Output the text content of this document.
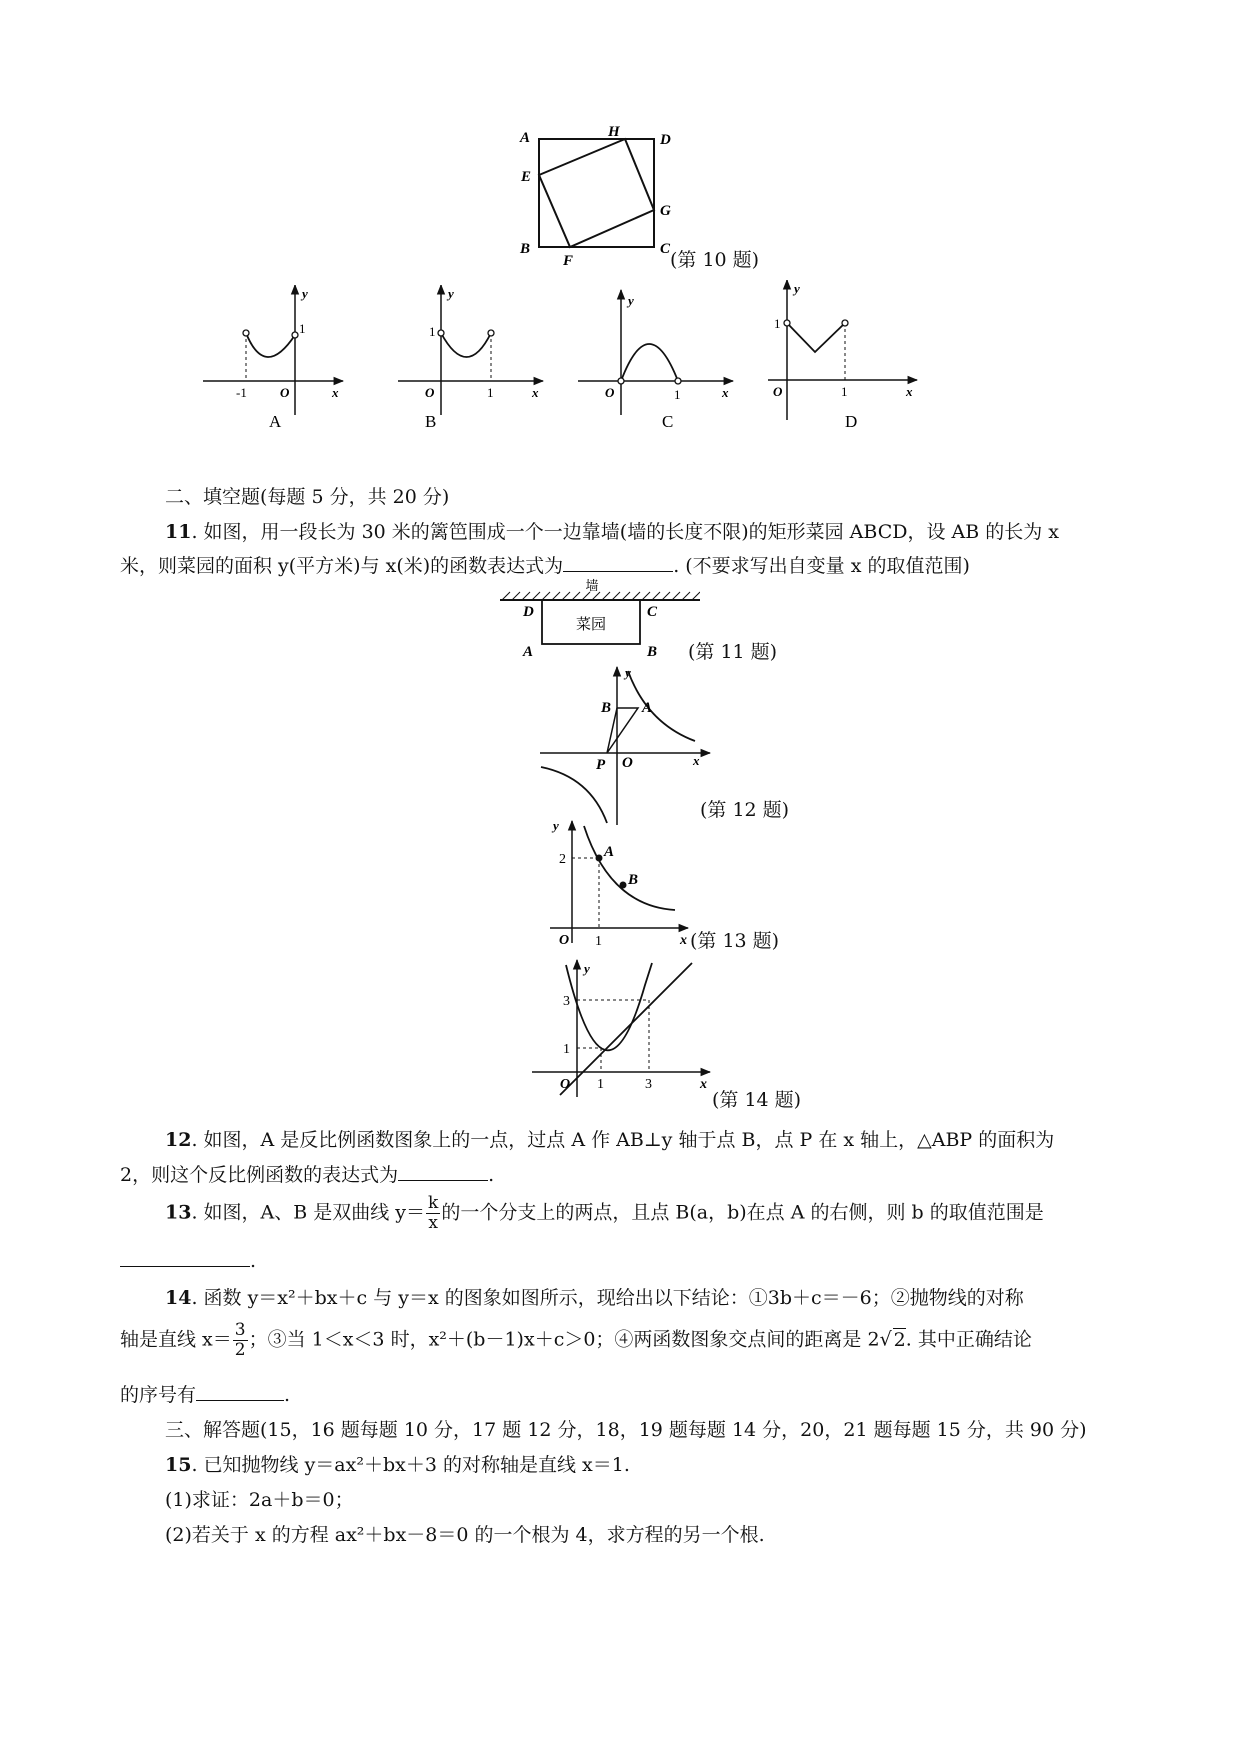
A	H	D
E
G
B
F
C (第 10 题)
y
x
O
-1
1
A
y
x
O
1
1
B
y
x
O	1
C
y
x
O
1
1
D
二、填空题(每题 5 分，共 20 分)
11. 如图，用一段长为 30 米的篱笆围成一个一边靠墙(墙的长度不限)的矩形菜园 ABCD，设 AB 的长为 x
米，则菜园的面积 y(平方米)与 x(米)的函数表达式为	. (不要求写出自变量 x 的取值范围)
墙
菜园
D	C
A	B (第 11 题)
y
x
B A
P O
(第 12 题)
y
x
O
2
1
A
B
(第 13 题)
y
x
O
3
1
1	3
(第 14 题)
12. 如图，A 是反比例函数图象上的一点，过点 A 作 AB⊥y 轴于点 B，点 P 在 x 轴上，△ABP 的面积为
2，则这个反比例函数的表达式为	.
13. 如图，A、B 是双曲线 $y= \frac{k}{x}$ 的一个分支上的两点，且点 B(a，b)在点 A 的右侧，则 b 的取值范围是
.
14. 函数 y＝x²＋bx＋c 与 y＝x 的图象如图所示，现给出以下结论：①3b＋c＝－6；②抛物线的对称
轴是直线 $x= \frac{3}{2}$ ；③当 1＜x＜3 时，x²＋(b－1)x＋c＞0；④两函数图象交点间的距离是 2√ 2. 其中正确结论
的序号有	.
三、解答题(15，16 题每题 10 分，17 题 12 分，18，19 题每题 14 分，20，21 题每题 15 分，共 90 分)
15. 已知抛物线 y＝ax²＋bx＋3 的对称轴是直线 x＝1.
(1)求证：2a＋b＝0；
(2)若关于 x 的方程 ax²＋bx－8＝0 的一个根为 4，求方程的另一个根.
